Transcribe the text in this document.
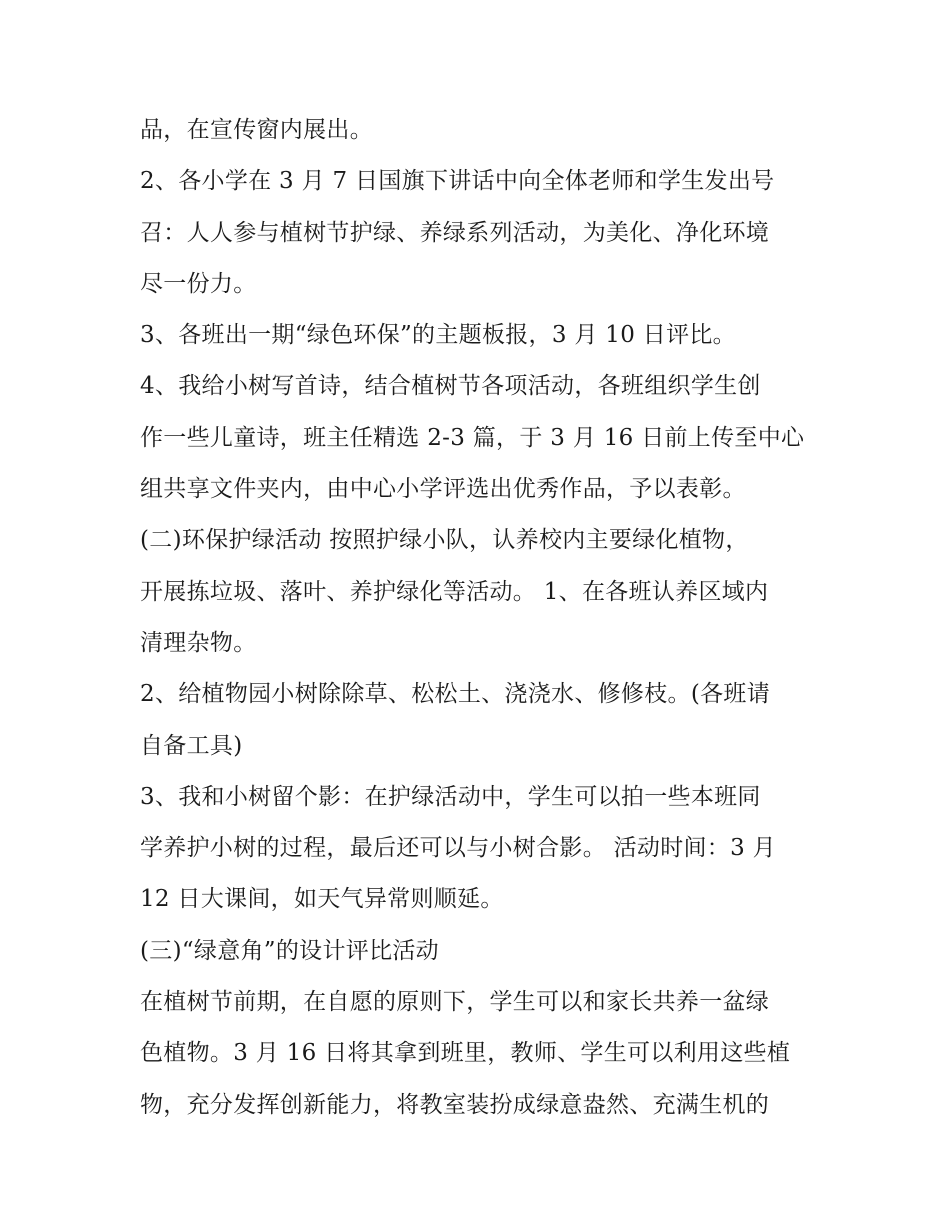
品，在宣传窗内展出。
2、各小学在 3 月 7 日国旗下讲话中向全体老师和学生发出号
召：人人参与植树节护绿、养绿系列活动，为美化、净化环境
尽一份力。
3、各班出一期“绿色环保”的主题板报，3 月 10 日评比。
4、我给小树写首诗，结合植树节各项活动，各班组织学生创
作一些儿童诗，班主任精选 2-3 篇，于 3 月 16 日前上传至中心
组共享文件夹内，由中心小学评选出优秀作品，予以表彰。
(二)环保护绿活动 按照护绿小队，认养校内主要绿化植物，
开展拣垃圾、落叶、养护绿化等活动。 1、在各班认养区域内
清理杂物。
2、给植物园小树除除草、松松土、浇浇水、修修枝。(各班请
自备工具)
3、我和小树留个影：在护绿活动中，学生可以拍一些本班同
学养护小树的过程，最后还可以与小树合影。 活动时间：3 月
12 日大课间，如天气异常则顺延。
(三)“绿意角”的设计评比活动
在植树节前期，在自愿的原则下，学生可以和家长共养一盆绿
色植物。3 月 16 日将其拿到班里，教师、学生可以利用这些植
物，充分发挥创新能力，将教室装扮成绿意盎然、充满生机的
